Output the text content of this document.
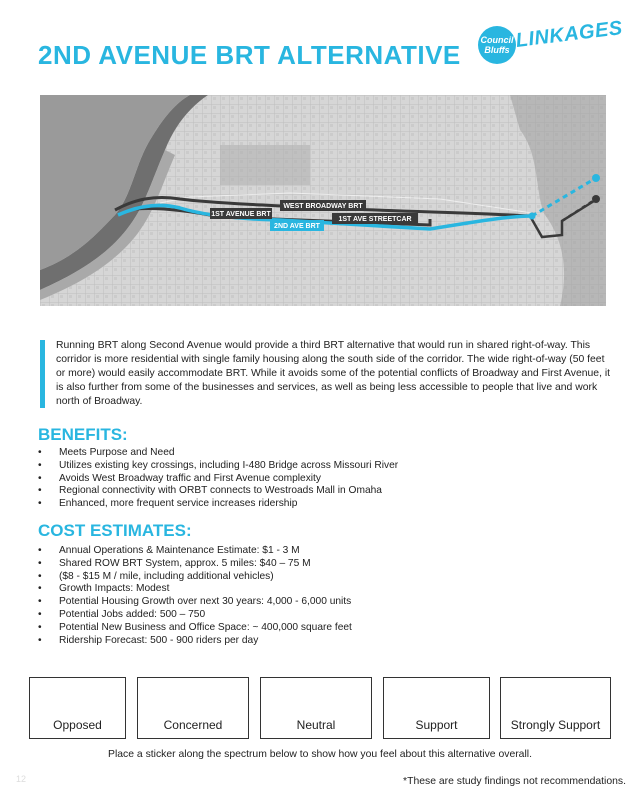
2ND AVENUE BRT ALTERNATIVE Council
Bluffs LINKAGES
WEST BROADWAY BRT
1ST AVENUE BRT
1ST AVE STREETCAR
2ND AVE BRT

Running BRT along Second Avenue would provide a third BRT alternative that would run in shared right-of-way. This corridor is more residential with single family housing along the south side of the corridor. The wide right-of-way (50 feet or more) would easily accommodate BRT. While it avoids some of the potential conflicts of Broadway and First Avenue, it is also further from some of the businesses and services, as well as being less accessible to people that live and work north of Broadway.

BENEFITS:
• Meets Purpose and Need
• Utilizes existing key crossings, including I-480 Bridge across Missouri River
• Avoids West Broadway traffic and First Avenue complexity
• Regional connectivity with ORBT connects to Westroads Mall in Omaha
• Enhanced, more frequent service increases ridership
COST ESTIMATES:
• Annual Operations & Maintenance Estimate: $1 - 3 M
• Shared ROW BRT System, approx. 5 miles: $40 – 75 M
• ($8 - $15 M / mile, including additional vehicles)
• Growth Impacts: Modest
• Potential Housing Growth over next 30 years: 4,000 - 6,000 units
• Potential Jobs added: 500 – 750
• Potential New Business and Office Space: ~ 400,000 square feet
• Ridership Forecast: 500 - 900 riders per day
Opposed	Concerned	Neutral	Support	Strongly Support

Place a sticker along the spectrum below to show how you feel about this alternative overall.

12	*These are study findings not recommendations.
